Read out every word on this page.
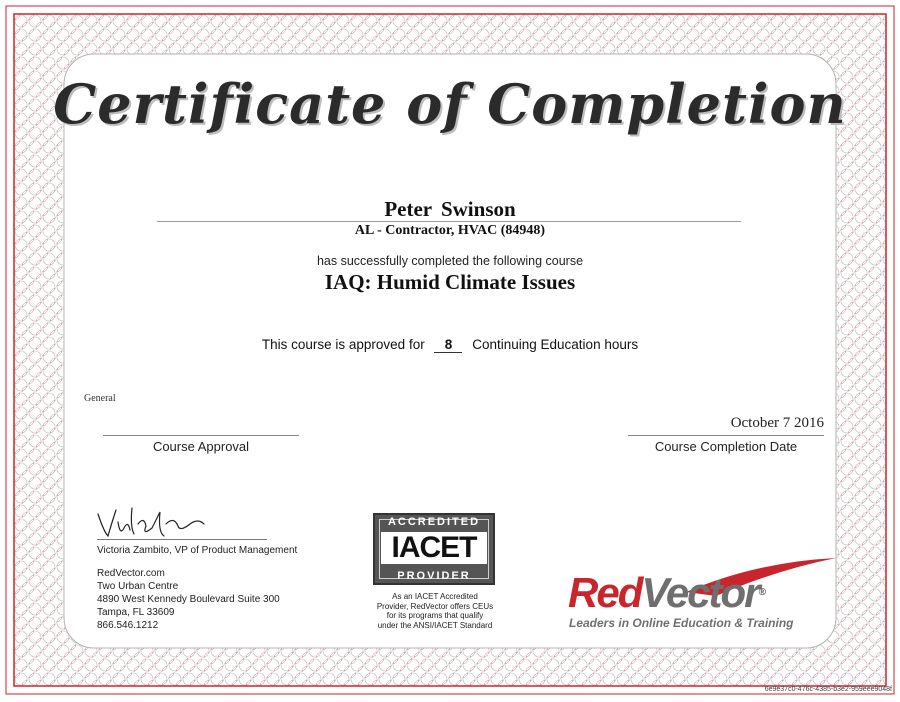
Certificate of Completion
Peter Swinson
AL - Contractor, HVAC (84948)
has successfully completed the following course
IAQ: Humid Climate Issues
This course is approved for 8 Continuing Education hours
General
Course Approval
October 7 2016
Course Completion Date
Victoria Zambito, VP of Product Management
RedVector.com
Two Urban Centre
4890 West Kennedy Boulevard Suite 300
Tampa, FL 33609
866.546.1212
ACCREDITED
IACET
PROVIDER
As an IACET Accredited
Provider, RedVector offers CEUs
for its programs that qualify
under the ANSI/IACET Standard
RedVector®
Leaders in Online Education & Training
6e9e37c0-476c-4385-b3e2-959eee9048f
